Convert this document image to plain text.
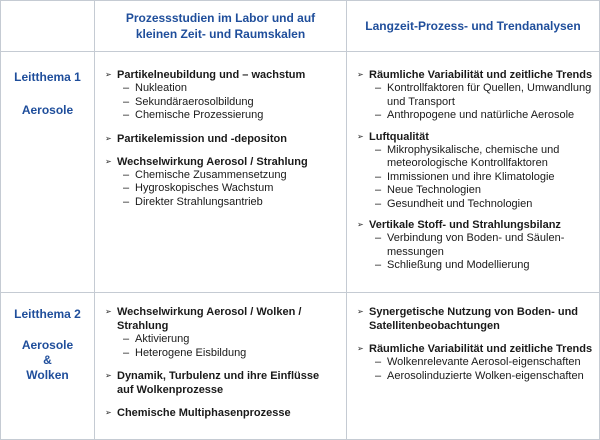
Prozessstudien im Labor und auf kleinen Zeit- und Raumskalen
Langzeit-Prozess- und Trendanalysen
Leitthema 1
Aerosole
➢ Partikelneubildung und – wachstum
– Nukleation
– Sekundäraerosolbildung
– Chemische Prozessierung
➢ Partikelemission und -depositon
➢ Wechselwirkung Aerosol / Strahlung
– Chemische Zusammensetzung
– Hygroskopisches Wachstum
– Direkter Strahlungsantrieb
➢ Räumliche Variabilität und zeitliche Trends
– Kontrollfaktoren für Quellen, Umwandlung und Transport
– Anthropogene und natürliche Aerosole
➢ Luftqualität
– Mikrophysikalische, chemische und meteorologische Kontrollfaktoren
– Immissionen und ihre Klimatologie
– Neue Technologien
– Gesundheit und Technologien
➢ Vertikale Stoff- und Strahlungsbilanz
– Verbindung von Boden- und Säulen-messungen
– Schließung und Modellierung
Leitthema 2
Aerosole
&
Wolken
➢ Wechselwirkung Aerosol / Wolken / Strahlung
– Aktivierung
– Heterogene Eisbildung
➢ Dynamik, Turbulenz und ihre Einflüsse auf Wolkenprozesse
➢ Chemische Multiphasenprozesse
➢ Synergetische Nutzung von Boden- und Satellitenbeobachtungen
➢ Räumliche Variabilität und zeitliche Trends
– Wolkenrelevante Aerosol-eigenschaften
– Aerosolinduzierte Wolken-eigenschaften
